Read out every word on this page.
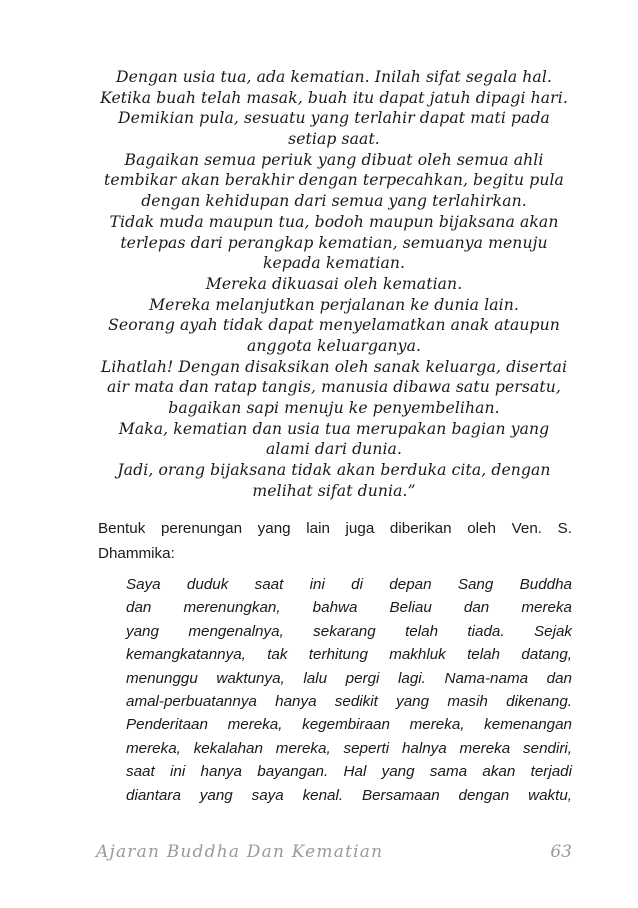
Dengan usia tua, ada kematian. Inilah sifat segala hal.
Ketika buah telah masak, buah itu dapat jatuh dipagi hari.
Demikian pula, sesuatu yang terlahir dapat mati pada
setiap saat.
Bagaikan semua periuk yang dibuat oleh semua ahli
tembikar akan berakhir dengan terpecahkan, begitu pula
dengan kehidupan dari semua yang terlahirkan.
Tidak muda maupun tua, bodoh maupun bijaksana akan
terlepas dari perangkap kematian, semuanya menuju
kepada kematian.
Mereka dikuasai oleh kematian.
Mereka melanjutkan perjalanan ke dunia lain.
Seorang ayah tidak dapat menyelamatkan anak ataupun
anggota keluarganya.
Lihatlah! Dengan disaksikan oleh sanak keluarga, disertai
air mata dan ratap tangis, manusia dibawa satu persatu,
bagaikan sapi menuju ke penyembelihan.
Maka, kematian dan usia tua merupakan bagian yang
alami dari dunia.
Jadi, orang bijaksana tidak akan berduka cita, dengan
melihat sifat dunia.”
Bentuk perenungan yang lain juga diberikan oleh Ven. S.
Dhammika:
Saya duduk saat ini di depan Sang Buddha
dan merenungkan, bahwa Beliau dan mereka
yang mengenalnya, sekarang telah tiada. Sejak
kemangkatannya, tak terhitung makhluk telah datang,
menunggu waktunya, lalu pergi lagi. Nama-nama dan
amal-perbuatannya hanya sedikit yang masih dikenang.
Penderitaan mereka, kegembiraan mereka, kemenangan
mereka, kekalahan mereka, seperti halnya mereka sendiri,
saat ini hanya bayangan. Hal yang sama akan terjadi
diantara yang saya kenal. Bersamaan dengan waktu,
Ajaran Buddha Dan Kematian	63
